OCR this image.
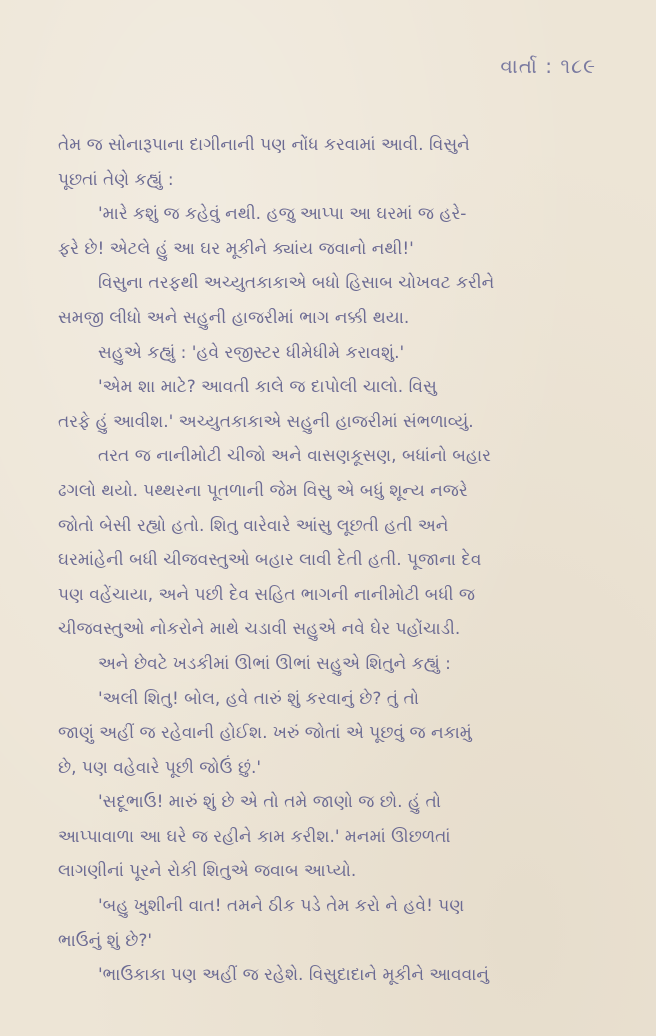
વાર્તા : ૧૮૯

તેમ જ સોનારૂપાના દાગીનાની પણ નોંધ કરવામાં આવી. વિસુને
પૂછતાં તેણે કહ્યું :

'મારે કશું જ કહેવું નથી. હજુ આપ્પા આ ઘરમાં જ હરે-
ફરે છે! એટલે હું આ ઘર મૂકીને ક્યાંય જવાનો નથી!'

વિસુના તરફથી અચ્યુતકાકાએ બધો હિસાબ ચોખવટ કરીને
સમજી લીધો અને સહુની હાજરીમાં ભાગ નક્કી થયા.

સહુએ કહ્યું : 'હવે રજીસ્ટર ધીમેધીમે કરાવશું.'

'એમ શા માટે? આવતી કાલે જ દાપોલી ચાલો. વિસુ
તરફે હું આવીશ.' અચ્યુતકાકાએ સહુની હાજરીમાં સંભળાવ્યું.

તરત જ નાનીમોટી ચીજો અને વાસણકૂસણ, બધાંનો બહાર
ઢગલો થયો. પથ્થરના પૂતળાની જેમ વિસુ એ બધું શૂન્ય નજરે
જોતો બેસી રહ્યો હતો. શિતુ વારેવારે આંસુ લૂછતી હતી અને
ઘરમાંહેની બધી ચીજવસ્તુઓ બહાર લાવી દેતી હતી. પૂજાના દેવ
પણ વહેંચાયા, અને પછી દેવ સહિત ભાગની નાનીમોટી બધી જ
ચીજવસ્તુઓ નોકરોને માથે ચડાવી સહુએ નવે ઘેર પહોંચાડી.

અને છેવટે ખડકીમાં ઊભાં ઊભાં સહુએ શિતુને કહ્યું :

'અલી શિતુ! બોલ, હવે તારું શું કરવાનું છે? તું તો
જાણું અહીં જ રહેવાની હોઈશ. ખરું જોતાં એ પૂછવું જ નકામું
છે, પણ વહેવારે પૂછી જોઉં છું.'

'સદૂભાઉ! મારું શું છે એ તો તમે જાણો જ છો. હું તો
આપ્પાવાળા આ ઘરે જ રહીને કામ કરીશ.' મનમાં ઊછળતાં
લાગણીનાં પૂરને રોકી શિતુએ જવાબ આપ્યો.

'બહુ ખુશીની વાત! તમને ઠીક પડે તેમ કરો ને હવે! પણ
ભાઉનું શું છે?'

'ભાઉકાકા પણ અહીં જ રહેશે. વિસુદાદાને મૂકીને આવવાનું
